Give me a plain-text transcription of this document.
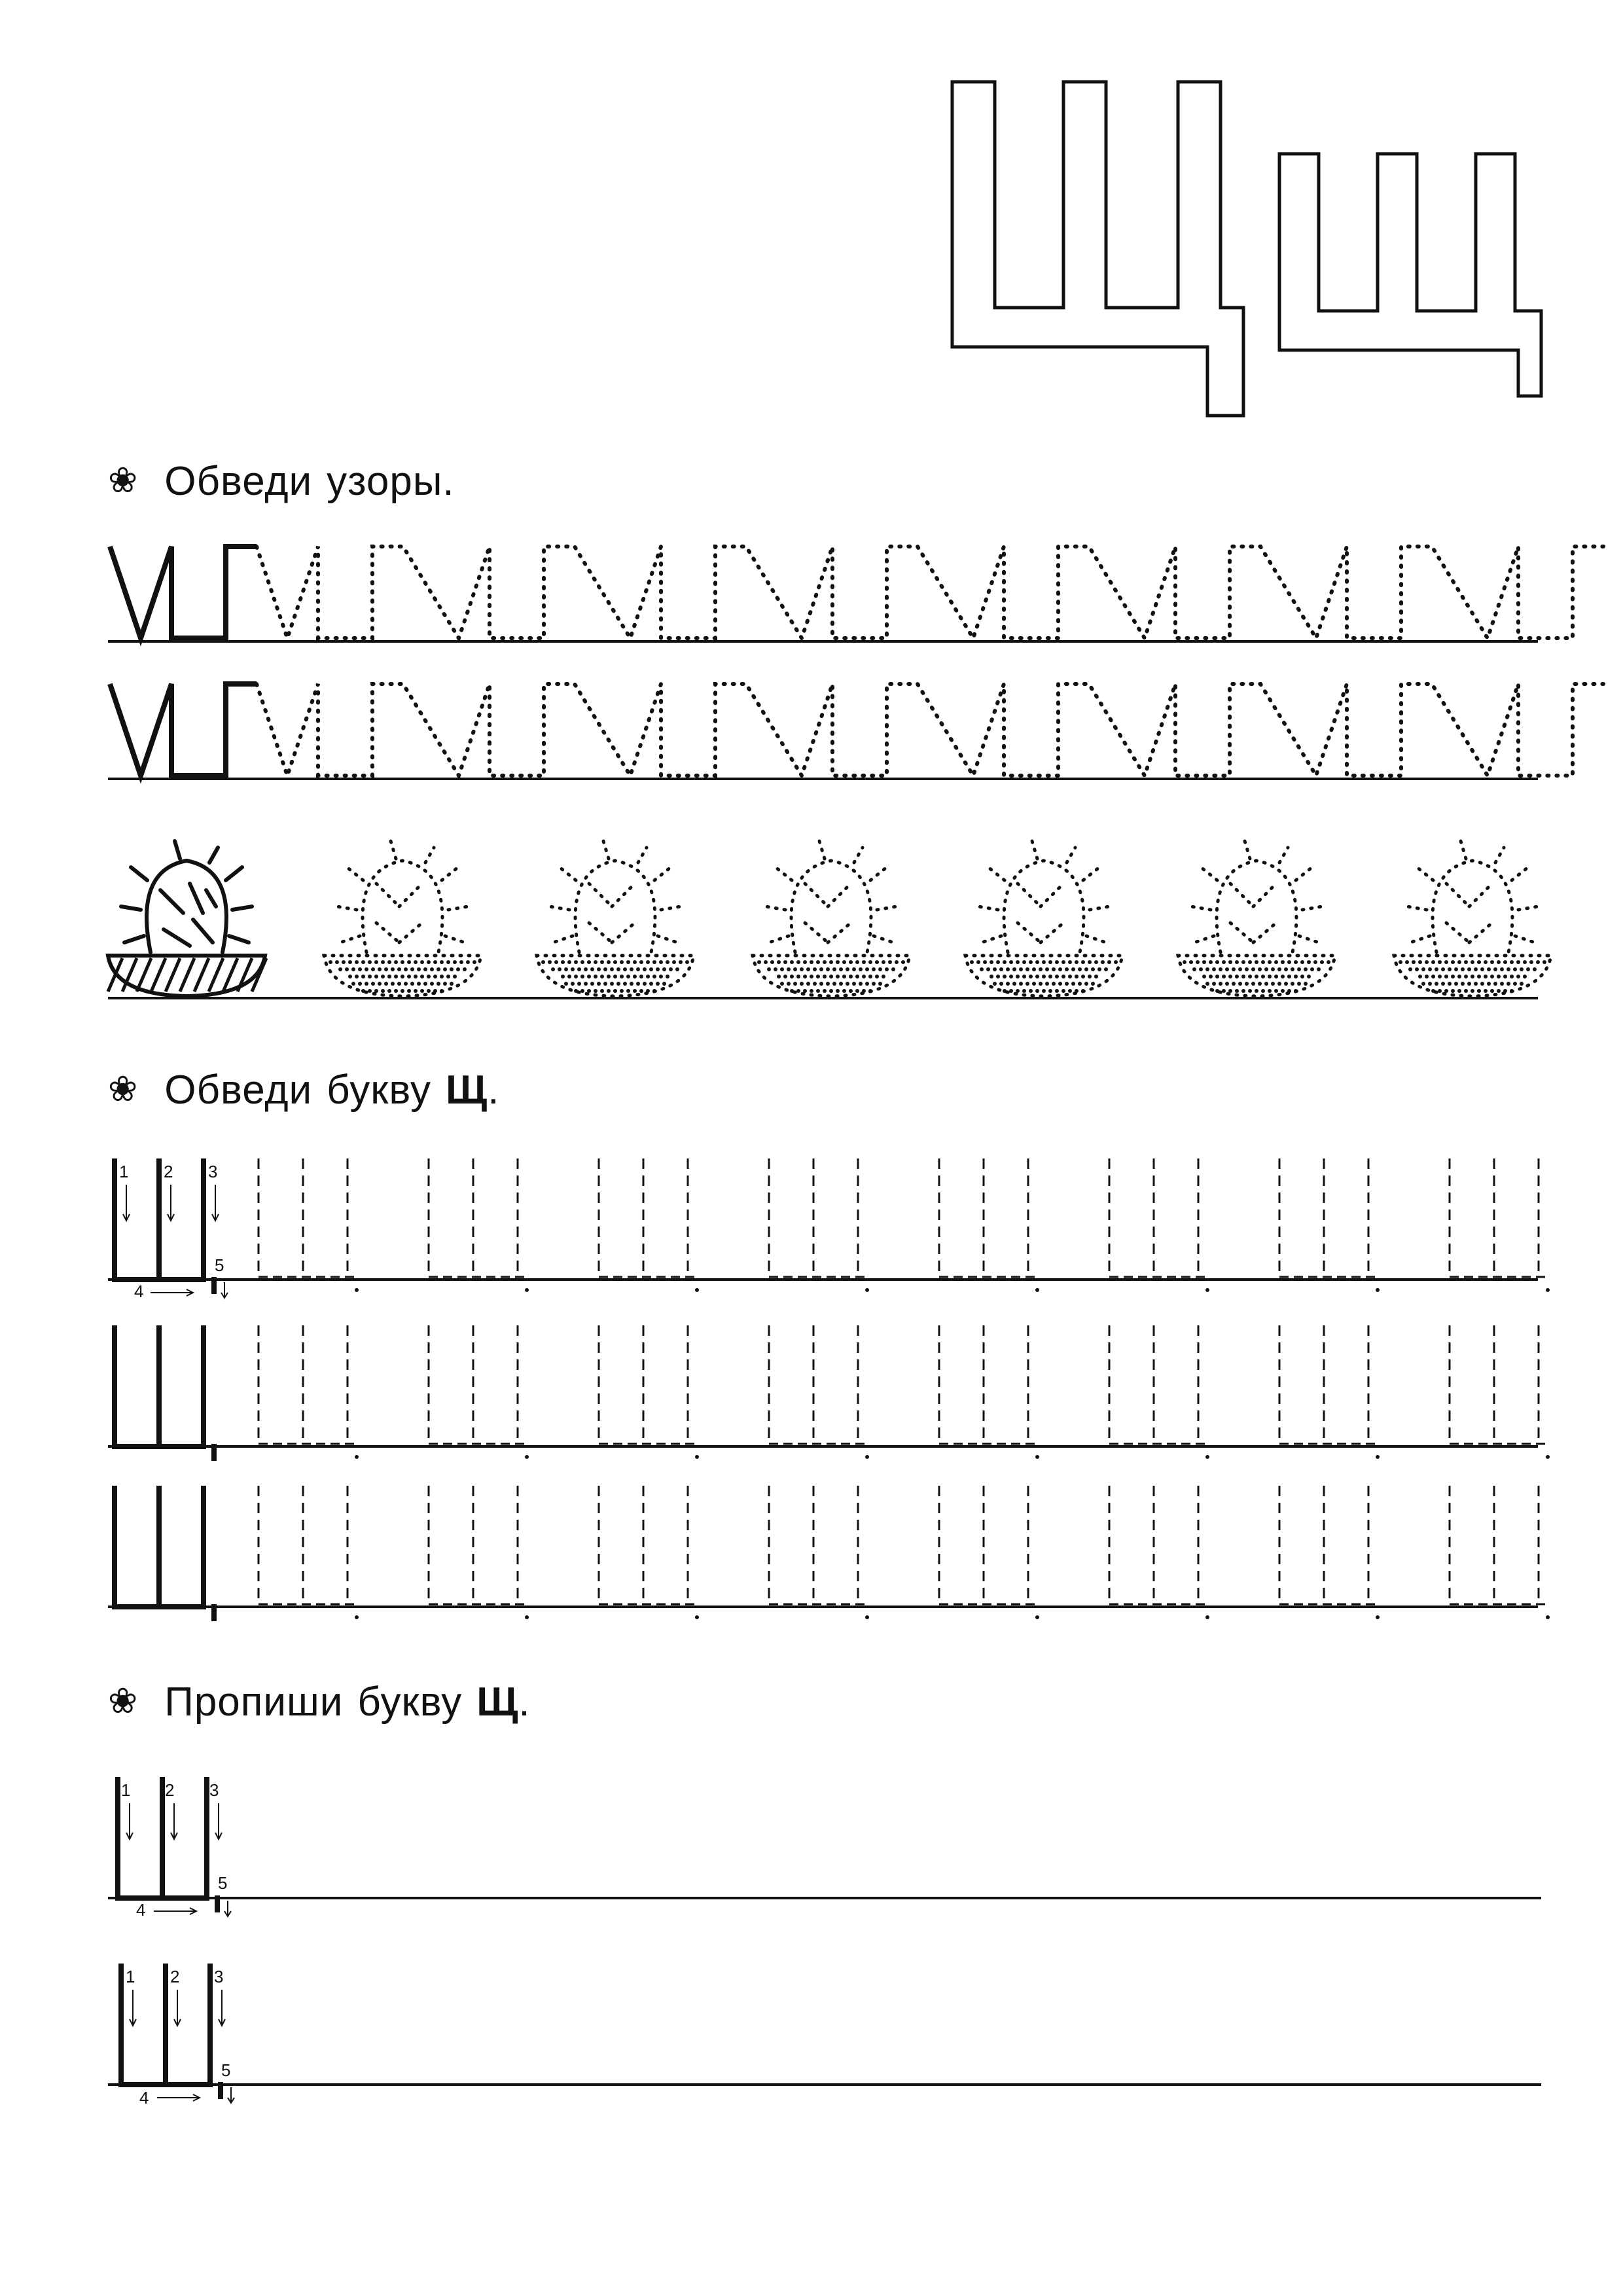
❀ Обведи узоры.
❀ Обведи букву Щ.
❀ Пропиши букву Щ.
1 2 3
4
5
1 2 3
4
5
1 2 3
4
5
